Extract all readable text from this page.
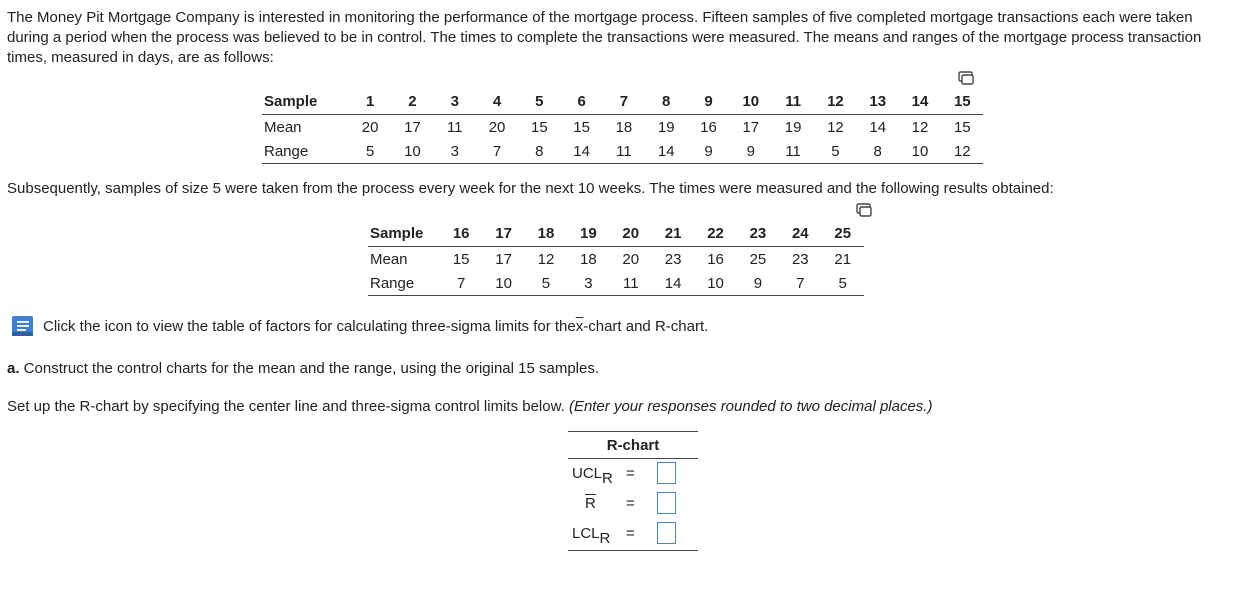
The Money Pit Mortgage Company is interested in monitoring the performance of the mortgage process. Fifteen samples of five completed mortgage transactions each were taken during a period when the process was believed to be in control. The times to complete the transactions were measured. The means and ranges of the mortgage process transaction times, measured in days, are as follows:
Sample	1	2	3	4	5	6	7	8	9	10	11	12	13	14	15
Mean	20	17	11	20	15	15	18	19	16	17	19	12	14	12	15
Range	5	10	3	7	8	14	11	14	9	9	11	5	8	10	12
Subsequently, samples of size 5 were taken from the process every week for the next 10 weeks. The times were measured and the following results obtained:
Sample	16	17	18	19	20	21	22	23	24	25
Mean	15	17	12	18	20	23	16	25	23	21
Range	7	10	5	3	11	14	10	9	7	5
Click the icon to view the table of factors for calculating three-sigma limits for the $\overline{x}$ -chart and R-chart.
a. Construct the control charts for the mean and the range, using the original 15 samples.
Set up the R-chart by specifying the center line and three-sigma control limits below. (Enter your responses rounded to two decimal places.)
R-chart
$UCL_R$ =
$\overline{R}$ =
$LCL_R$ =
